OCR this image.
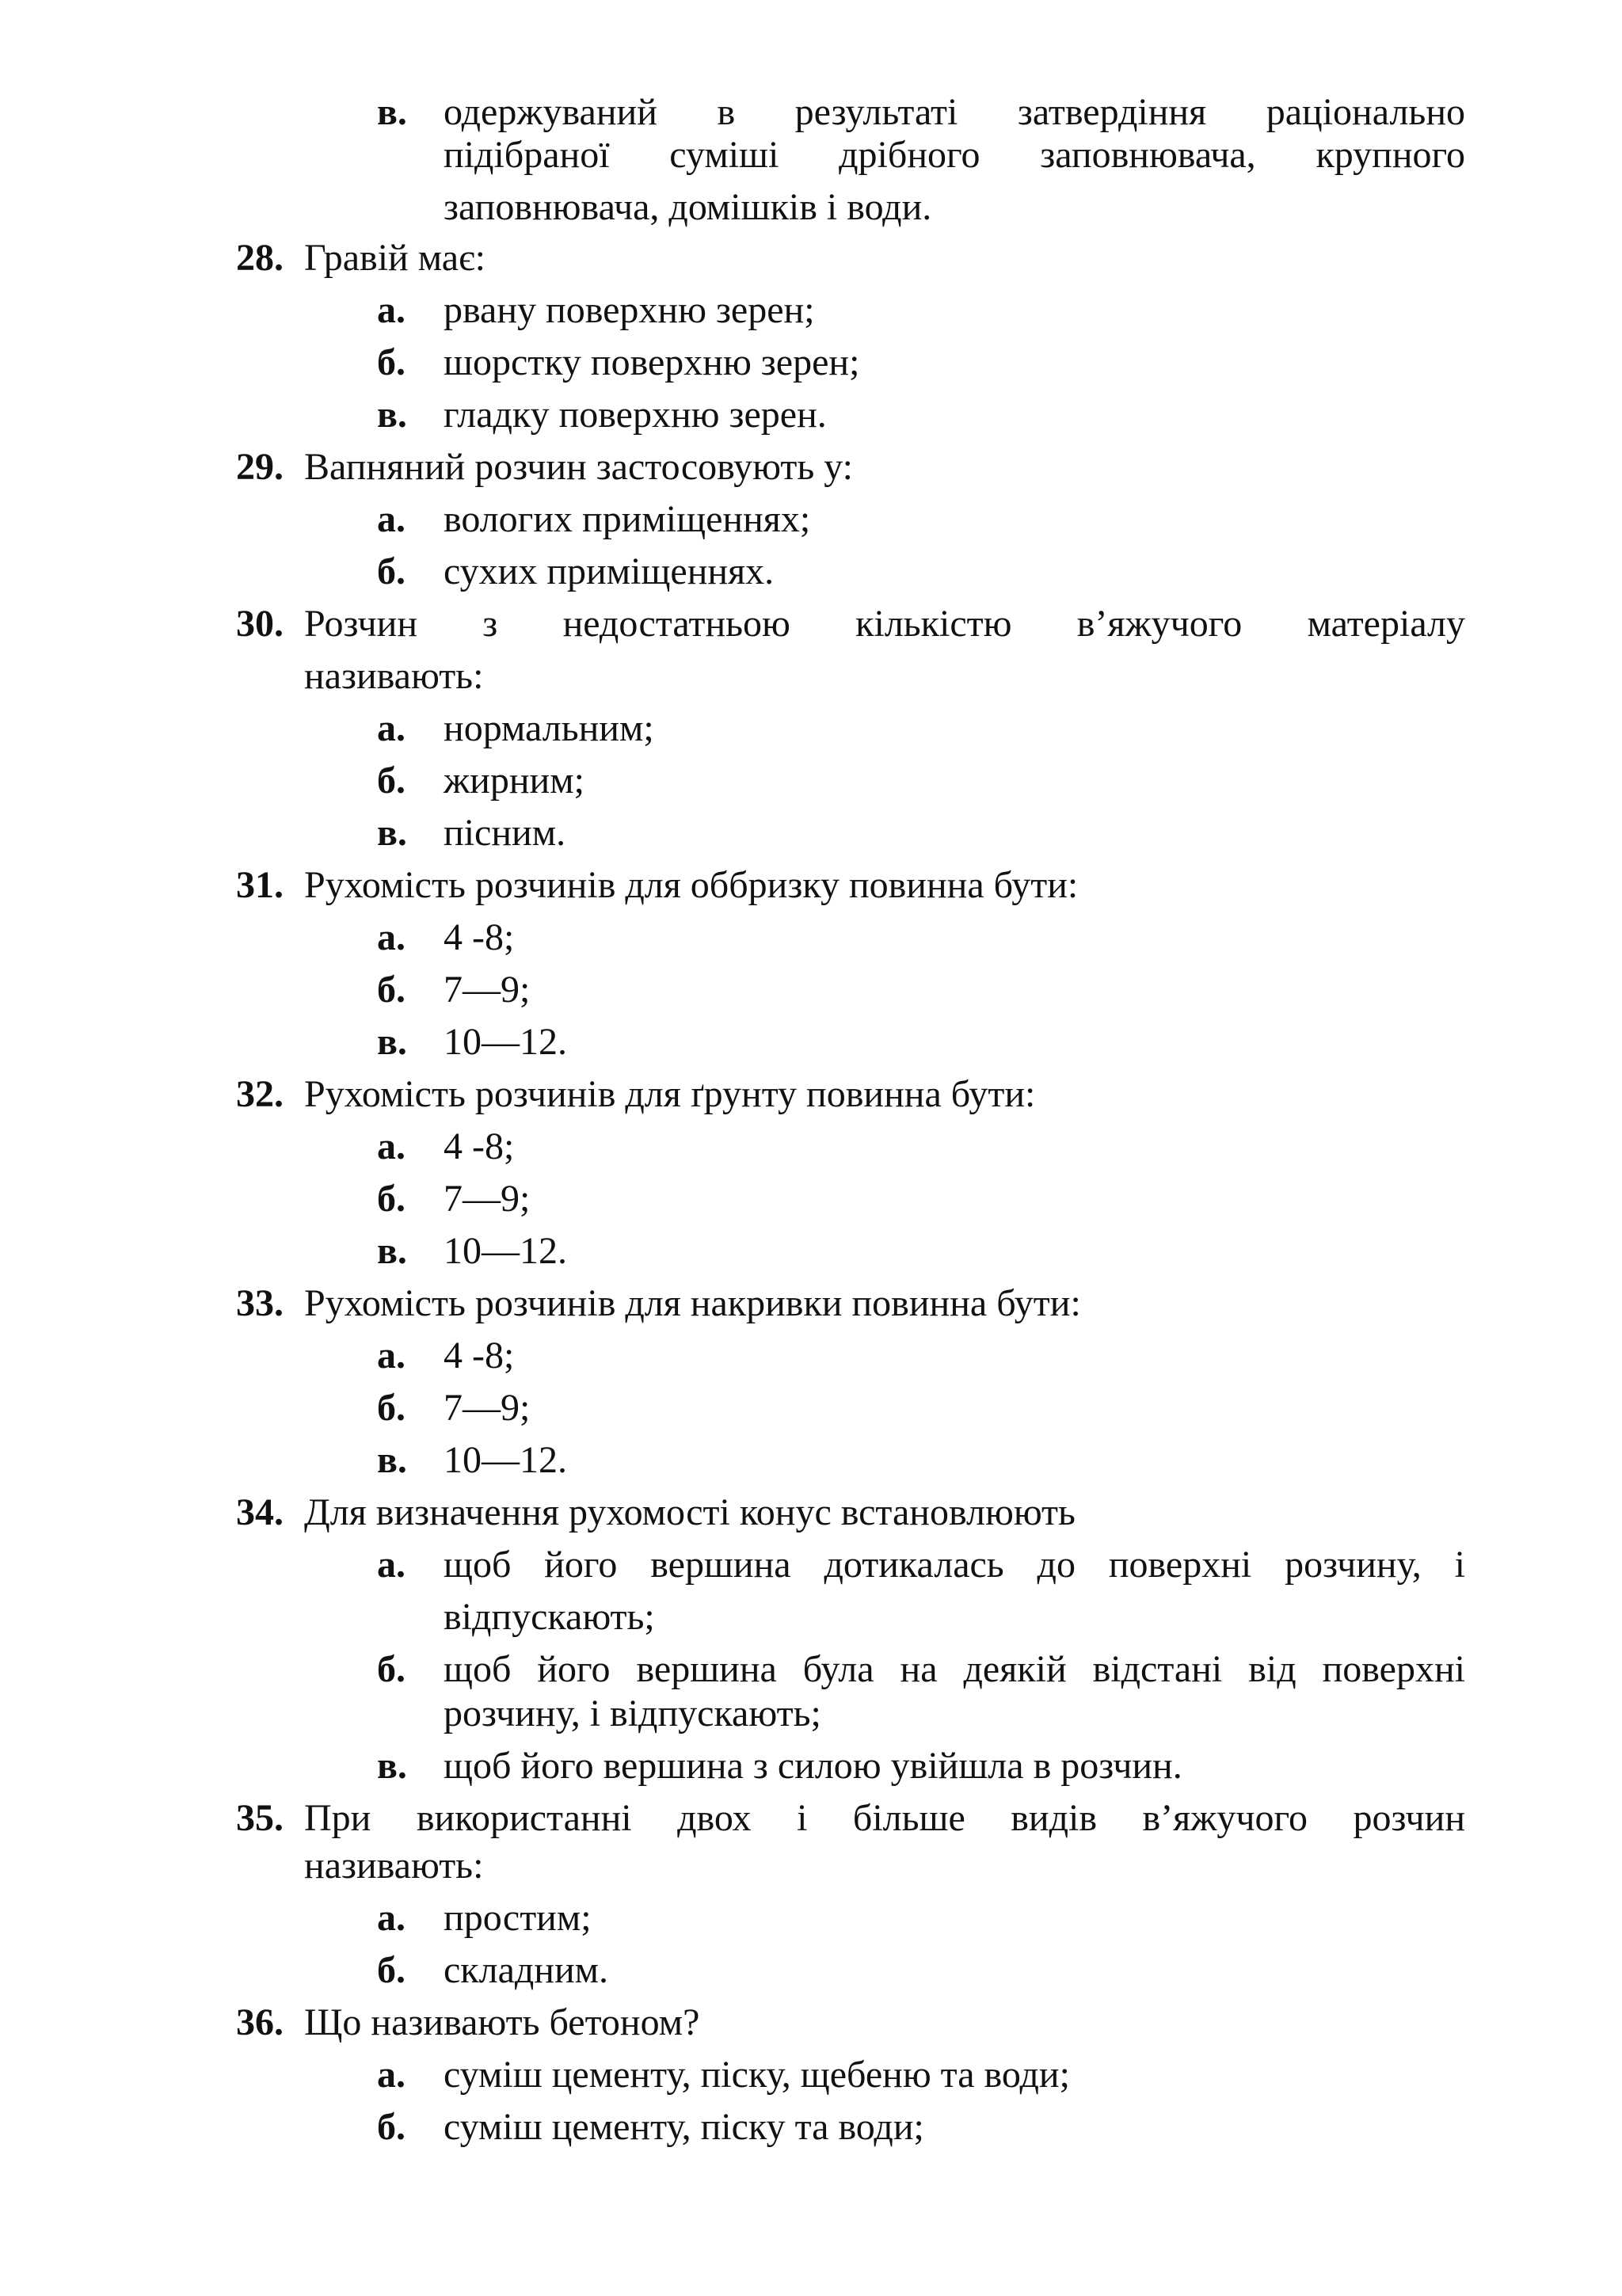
в. одержуваний в результаті затвердіння раціонально
підібраної суміші дрібного заповнювача, крупного
заповнювача, домішків і води.
28. Гравій має:
а. рвану поверхню зерен;
б. шорстку поверхню зерен;
в. гладку поверхню зерен.
29. Вапняний розчин застосовують у:
а. вологих приміщеннях;
б. сухих приміщеннях.
30. Розчин з недостатньою кількістю в’яжучого матеріалу
називають:
а. нормальним;
б. жирним;
в. пісним.
31. Рухомість розчинів для оббризку повинна бути:
а. 4 -8;
б. 7—9;
в. 10—12.
32. Рухомість розчинів для ґрунту повинна бути:
а. 4 -8;
б. 7—9;
в. 10—12.
33. Рухомість розчинів для накривки повинна бути:
а. 4 -8;
б. 7—9;
в. 10—12.
34. Для визначення рухомості конус встановлюють
а. щоб його вершина дотикалась до поверхні розчину, і
відпускають;
б. щоб його вершина була на деякій відстані від поверхні
розчину, і відпускають;
в. щоб його вершина з силою увійшла в розчин.
35. При використанні двох і більше видів в’яжучого розчин
називають:
а. простим;
б. складним.
36. Що називають бетоном?
а. суміш цементу, піску, щебеню та води;
б. суміш цементу, піску та води;
